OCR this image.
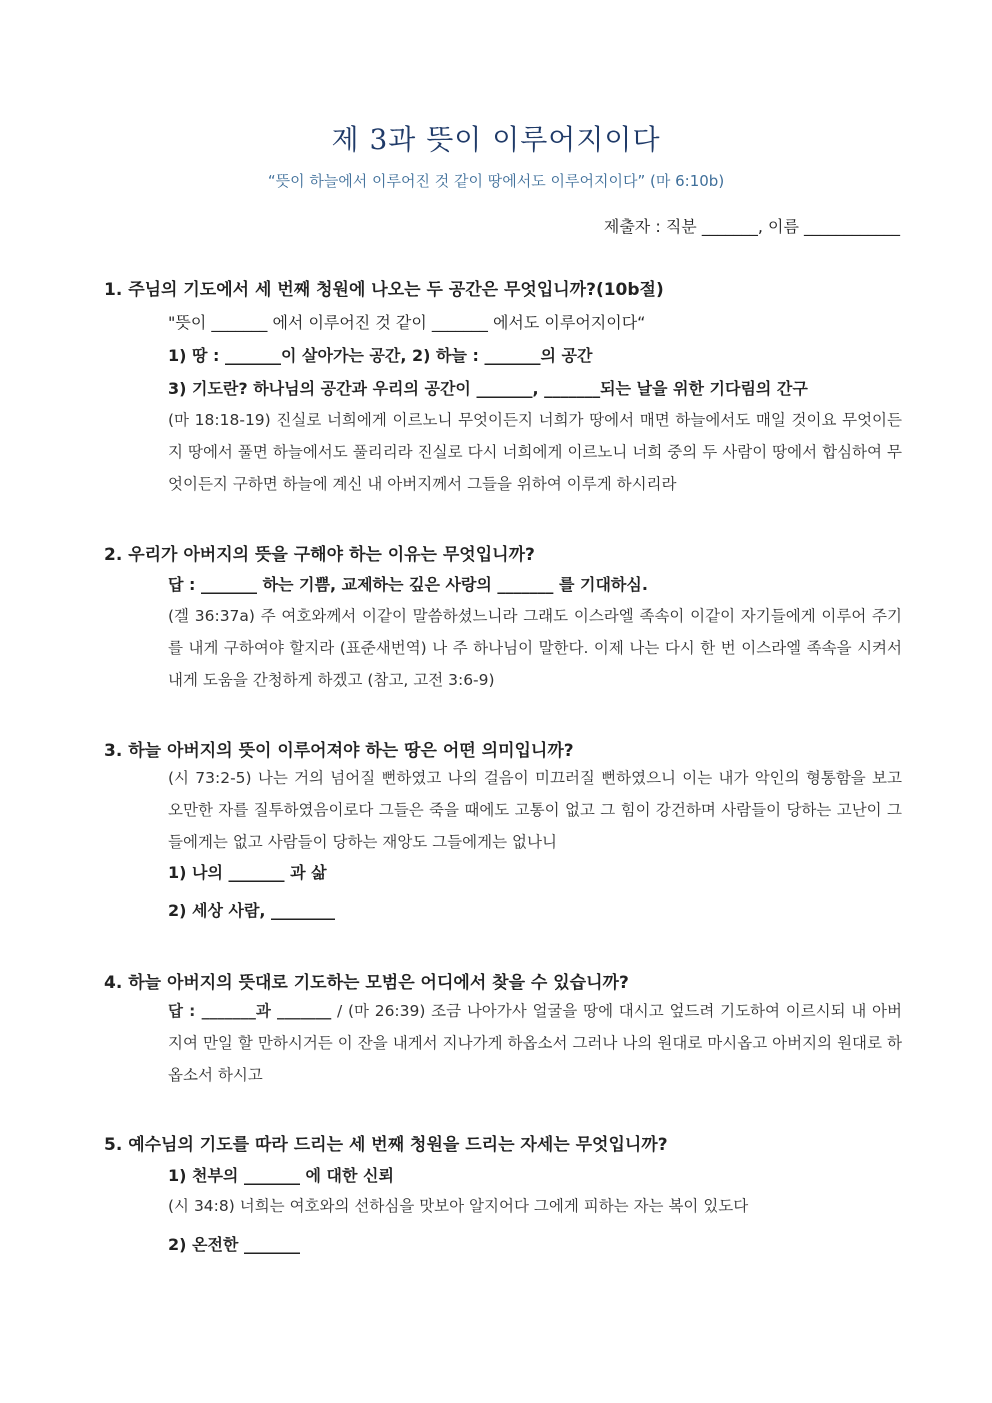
제 3과 뜻이 이루어지이다
“뜻이 하늘에서 이루어진 것 같이 땅에서도 이루어지이다” (마 6:10b)
제출자 : 직분 _______, 이름 ____________
1. 주님의 기도에서 세 번째 청원에 나오는 두 공간은 무엇입니까?(10b절)
"뜻이 _______ 에서 이루어진 것 같이 _______ 에서도 이루어지이다“
1) 땅 : _______이 살아가는 공간, 2) 하늘 : _______의 공간
3) 기도란? 하나님의 공간과 우리의 공간이 _______, _______되는 날을 위한 기다림의 간구

(마 18:18-19) 진실로 너희에게 이르노니 무엇이든지 너희가 땅에서 매면 하늘에서도 매일 것이요 무엇이든지 땅에서 풀면 하늘에서도 풀리리라 진실로 다시 너희에게 이르노니 너희 중의 두 사람이 땅에서 합심하여 무엇이든지 구하면 하늘에 계신 내 아버지께서 그들을 위하여 이루게 하시리라

2. 우리가 아버지의 뜻을 구해야 하는 이유는 무엇입니까?
답 : _______ 하는 기쁨, 교제하는 깊은 사랑의 _______ 를 기대하심.

(겔 36:37a) 주 여호와께서 이같이 말씀하셨느니라 그래도 이스라엘 족속이 이같이 자기들에게 이루어 주기를 내게 구하여야 할지라 (표준새번역) 나 주 하나님이 말한다. 이제 나는 다시 한 번 이스라엘 족속을 시켜서 내게 도움을 간청하게 하겠고 (참고, 고전 3:6-9)

3. 하늘 아버지의 뜻이 이루어져야 하는 땅은 어떤 의미입니까?

(시 73:2-5) 나는 거의 넘어질 뻔하였고 나의 걸음이 미끄러질 뻔하였으니 이는 내가 악인의 형통함을 보고 오만한 자를 질투하였음이로다 그들은 죽을 때에도 고통이 없고 그 힘이 강건하며 사람들이 당하는 고난이 그들에게는 없고 사람들이 당하는 재앙도 그들에게는 없나니

1) 나의 _______ 과 삶
2) 세상 사람, ________
4. 하늘 아버지의 뜻대로 기도하는 모범은 어디에서 찾을 수 있습니까?

답 : _______과 _______ / (마 26:39) 조금 나아가사 얼굴을 땅에 대시고 엎드려 기도하여 이르시되 내 아버지여 만일 할 만하시거든 이 잔을 내게서 지나가게 하옵소서 그러나 나의 원대로 마시옵고 아버지의 원대로 하옵소서 하시고

5. 예수님의 기도를 따라 드리는 세 번째 청원을 드리는 자세는 무엇입니까?
1) 천부의 _______ 에 대한 신뢰

(시 34:8) 너희는 여호와의 선하심을 맛보아 알지어다 그에게 피하는 자는 복이 있도다

2) 온전한 _______
